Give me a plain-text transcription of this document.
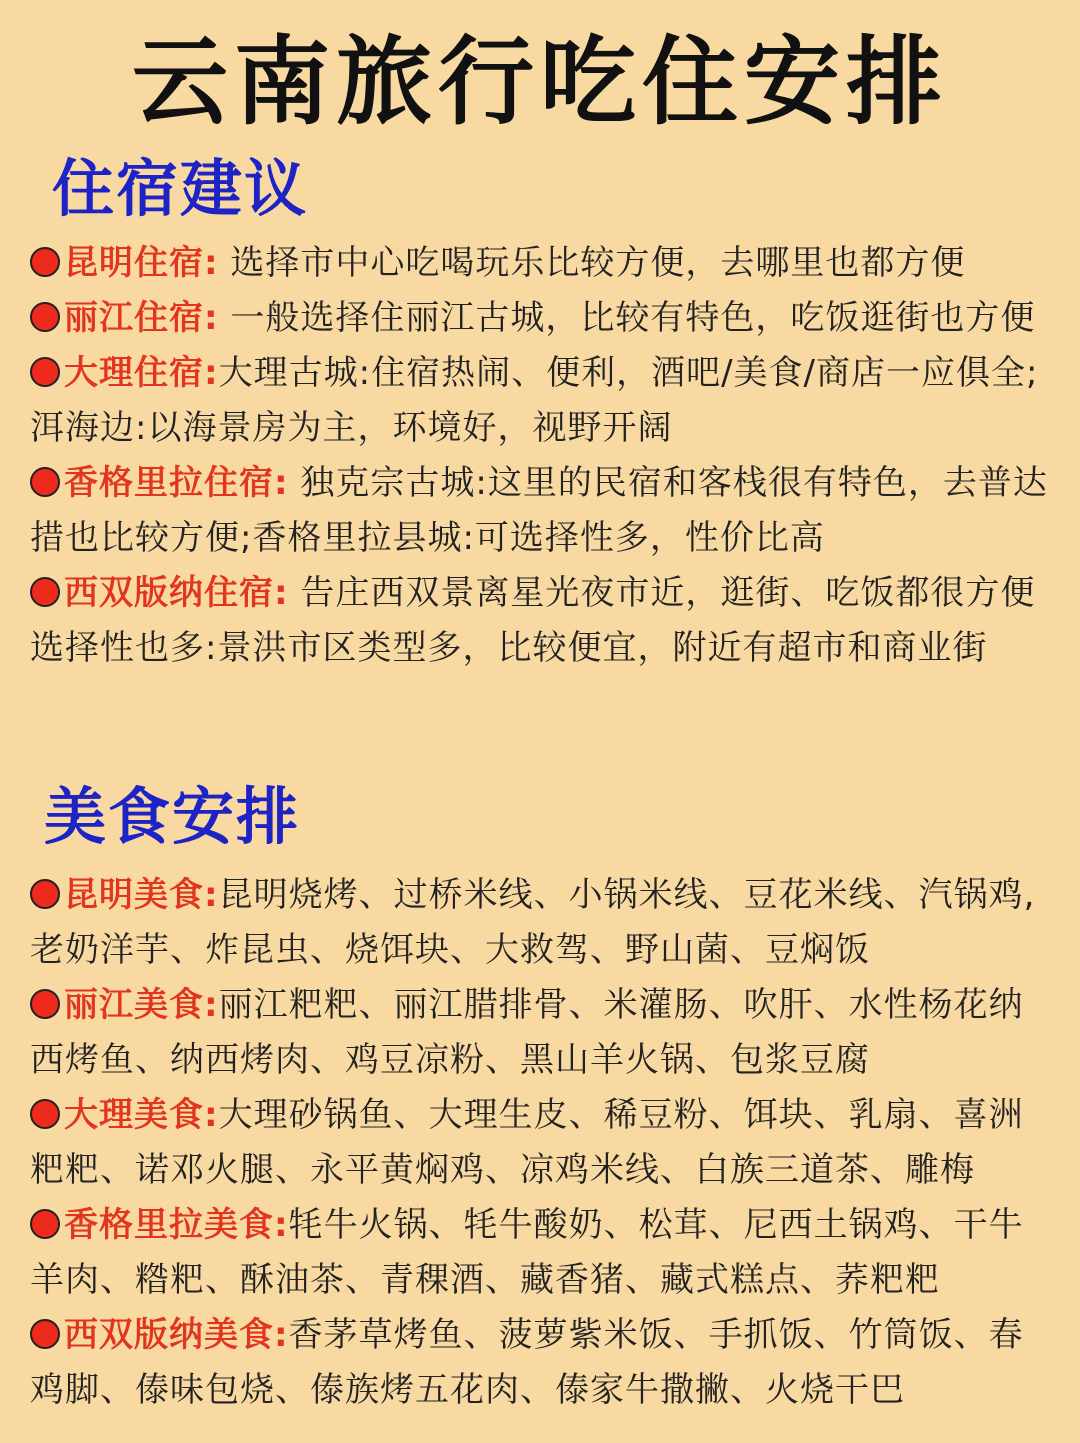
云南旅行吃住安排
住宿建议

昆明住宿: 选择市中心吃喝玩乐比较方便，去哪里也都方便

丽江住宿: 一般选择住丽江古城，比较有特色，吃饭逛街也方便

大理住宿:大理古城:住宿热闹、便利，酒吧/美食/商店一应俱全;洱海边:以海景房为主，环境好，视野开阔

香格里拉住宿: 独克宗古城:这里的民宿和客栈很有特色，去普达措也比较方便;香格里拉县城:可选择性多，性价比高

西双版纳住宿: 告庄西双景离星光夜市近，逛街、吃饭都很方便选择性也多:景洪市区类型多，比较便宜，附近有超市和商业街

美食安排

昆明美食:昆明烧烤、过桥米线、小锅米线、豆花米线、汽锅鸡,老奶洋芋、炸昆虫、烧饵块、大救驾、野山菌、豆焖饭

丽江美食:丽江粑粑、丽江腊排骨、米灌肠、吹肝、水性杨花纳西烤鱼、纳西烤肉、鸡豆凉粉、黑山羊火锅、包浆豆腐

大理美食:大理砂锅鱼、大理生皮、稀豆粉、饵块、乳扇、喜洲粑粑、诺邓火腿、永平黄焖鸡、凉鸡米线、白族三道茶、雕梅

香格里拉美食:牦牛火锅、牦牛酸奶、松茸、尼西土锅鸡、干牛羊肉、糌粑、酥油茶、青稞酒、藏香猪、藏式糕点、荞粑粑

西双版纳美食:香茅草烤鱼、菠萝紫米饭、手抓饭、竹筒饭、春鸡脚、傣味包烧、傣族烤五花肉、傣家牛撒撇、火烧干巴
